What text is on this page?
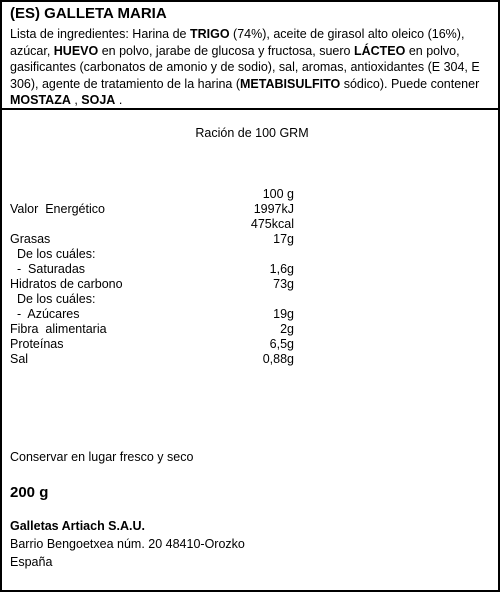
(ES) GALLETA MARIA
Lista de ingredientes: Harina de TRIGO (74%), aceite de girasol alto oleico (16%), azúcar, HUEVO en polvo, jarabe de glucosa y fructosa, suero LÁCTEO en polvo, gasificantes (carbonatos de amonio y de sodio), sal, aromas, antioxidantes (E 304, E 306), agente de tratamiento de la harina (METABISULFITO sódico). Puede contener MOSTAZA , SOJA .
Ración de 100 GRM
100 g
Valor  Energético	1997kJ
475kcal
Grasas	17g
De los cuáles:
-  Saturadas	1,6g
Hidratos de carbono	73g
De los cuáles:
-  Azúcares	19g
Fibra  alimentaria	2g
Proteínas	6,5g
Sal	0,88g
Conservar en lugar fresco y seco
200 g
Galletas Artiach S.A.U.
Barrio Bengoetxea núm. 20 48410-Orozko
España
